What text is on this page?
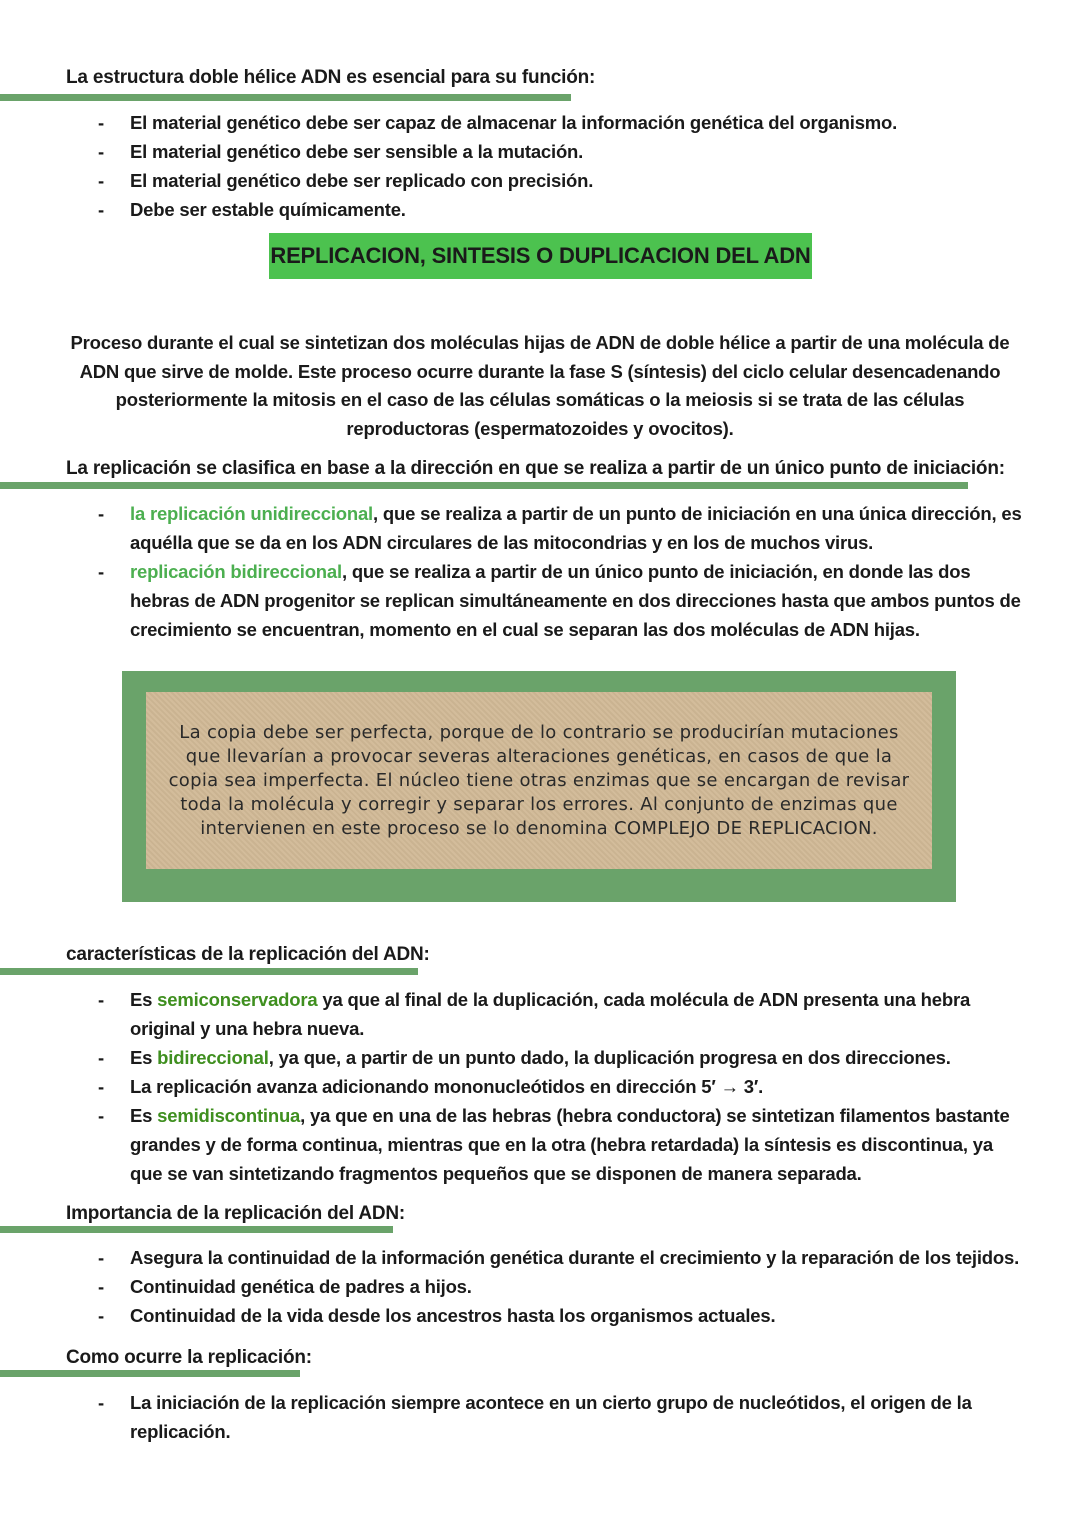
La estructura doble hélice ADN es esencial para su función:
- El material genético debe ser capaz de almacenar la información genética del organismo.
- El material genético debe ser sensible a la mutación.
- El material genético debe ser replicado con precisión.
- Debe ser estable químicamente.
REPLICACION, SINTESIS O DUPLICACION DEL ADN
Proceso durante el cual se sintetizan dos moléculas hijas de ADN de doble hélice a partir de una molécula de ADN que sirve de molde. Este proceso ocurre durante la fase S (síntesis) del ciclo celular desencadenando posteriormente la mitosis en el caso de las células somáticas o la meiosis si se trata de las células reproductoras (espermatozoides y ovocitos).
La replicación se clasifica en base a la dirección en que se realiza a partir de un único punto de iniciación:
- la replicación unidireccional, que se realiza a partir de un punto de iniciación en una única dirección, es aquélla que se da en los ADN circulares de las mitocondrias y en los de muchos virus.
- replicación bidireccional, que se realiza a partir de un único punto de iniciación, en donde las dos hebras de ADN progenitor se replican simultáneamente en dos direcciones hasta que ambos puntos de crecimiento se encuentran, momento en el cual se separan las dos moléculas de ADN hijas.
La copia debe ser perfecta, porque de lo contrario se producirían mutaciones que llevarían a provocar severas alteraciones genéticas, en casos de que la copia sea imperfecta. El núcleo tiene otras enzimas que se encargan de revisar toda la molécula y corregir y separar los errores. Al conjunto de enzimas que intervienen en este proceso se lo denomina COMPLEJO DE REPLICACION.
características de la replicación del ADN:
- Es semiconservadora ya que al final de la duplicación, cada molécula de ADN presenta una hebra original y una hebra nueva.
- Es bidireccional, ya que, a partir de un punto dado, la duplicación progresa en dos direcciones.
- La replicación avanza adicionando mononucleótidos en dirección 5′ → 3′.
- Es semidiscontinua, ya que en una de las hebras (hebra conductora) se sintetizan filamentos bastante grandes y de forma continua, mientras que en la otra (hebra retardada) la síntesis es discontinua, ya que se van sintetizando fragmentos pequeños que se disponen de manera separada.
Importancia de la replicación del ADN:
- Asegura la continuidad de la información genética durante el crecimiento y la reparación de los tejidos.
- Continuidad genética de padres a hijos.
- Continuidad de la vida desde los ancestros hasta los organismos actuales.
Como ocurre la replicación:
- La iniciación de la replicación siempre acontece en un cierto grupo de nucleótidos, el origen de la replicación.
